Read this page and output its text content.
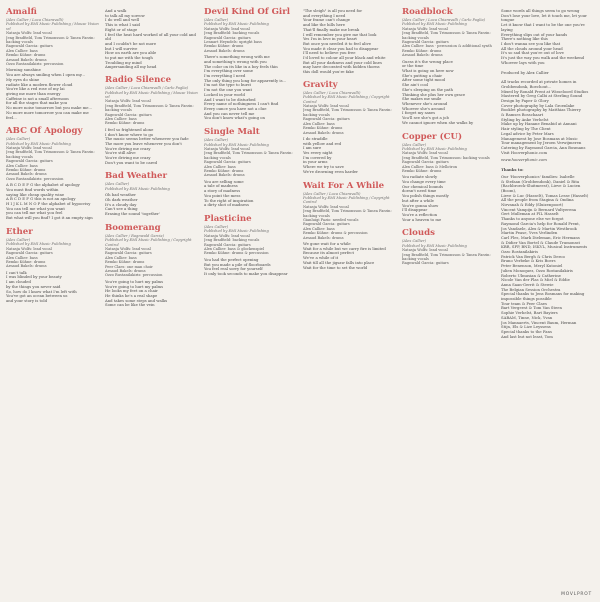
Amalfi
(Alex Callier / Luca Chiaravalli)
Published by EMI Music Publishing / Mouse Vision srl
Natasja Wolfs: lead vocal
Jeng Bradfield, Tom Trimonsson & Tanea Farzin: backing vocals
Ragnwald Garcia: guitars
Alex Callier: bass
Remko Kühne: drums
Arnaud Bakels: drums
Ozzo Rustanilakiris: percussion
Morning sunshine
You are always smiling when I open my...
My eyes do shine
radiate like a modern flower cloud
You're like a red rose of my lai
giving me more than energy
Caffeine is not a small afternoon
for all the stages that make you
No more noise tomorrow but you make me...
No more more tomorrow you can make me feel...
ABC Of Apology
(Alex Callier)
Published by EMI Music Publishing
Natasja Wolfs: lead vocal
Jeng Bradfield, Tom Trimonsson & Tanea Farzin: backing vocals
Ragnwald Garcia: guitars
Alex Callier: bass
Remko Kühne: drums
Arnaud Bakels: drums
Ozzo Rustanilakiris: percussion
A B C D E F G the alphabet of apology
You must find words within
saying like cheap quality wine
A B C D E F G this is not an apology
H I J K L M N O P the alphabet of hypocrisy
You can tell me what you want
you can tell me what you feel
But what will you find? I got it an empty sign
Ether
(Alex Callier)
Published by EMI Music Publishing
Natasja Wolfs: lead vocal
Ragnwald Garcia: guitars
Alex Callier: bass
Remko Kühne: drums
Arnaud Bakels: drums
I can't talk
I was blinded by your beauty
I am clouded
by the things you never said
So, how do I know what I'm left with
You've got an ocean between us
and your story is told
And a walk
to talk all my sorrow
I do well and well
This is what I said
Eight or of stage
I feel the heat hard worked of all your cold and old
and I couldn't be not more
but I will survive
How on earth are you able
to put me with the tough
Troubling my mind
Ampersanding all my head
Radio Silence
(Alex Callier / Luca Chiaravalli / Carlo Paglia)
Published by EMI Music Publishing / Mouse Vision srl
Natasja Wolfs: lead vocal
Jeng Bradfield, Tom Trimonsson & Tanea Farzin: backing vocals
Ragnwald Garcia: guitars
Alex Callier: bass
Remko Kühne: drums
I feel so frightened alone
I don't know where to go
The music seems better whenever you fade
The more you leave whenever you don't
You're driving me crazy
You're still alive
You're driving me crazy
Don't you want to be cared
Bad Weather
(Alex Callier)
Published by EMI Music Publishing
Oh bad weather
Oh dark weather
It's a cloudy day
Can't see a thing
Erasing the sound 'together'
Boomerang
(Alex Callier / Ragnwald Garcia)
Published by EMI Music Publishing / Copyright Control
Natasja Wolfs: lead vocal
Ragnwald Garcia: guitars
Alex Callier: bass
Remko Kühne: drums
Peer Claes: one man choir
Arnaud Bakels: drums
Ozzo Rustanilakiris: percussion
You're going to hurt my palms
You're going to hurt my palms
He looks my feet on a chair
He thinks he's a real shape
And takes some steps and walks
Some can be like the vein
Devil Kind Of Girl
(Alex Callier)
Published by EMI Music Publishing
Natasja Wolfs: lead vocal
Jeng Bradfield: backing vocals
Ragnwald Garcia: guitars
Lennart Heyndels: upright bass
Remko Kühne: drums
Arnaud Bakels: drums
There's something wrong with me
and something's wrong with you
The color on its like in a boy feels thin
I'm everything over some
I'm everything I need
The only thing you long for apparently is...
I'm not the type to burst
I'm not the one you want
Locked in your world
And I want to be disturbed
Every name of nothingness I can't find
Every ounce you have not a clue
And you can never tell me
You don't know what's going on
Single Malt
(Alex Callier)
Published by EMI Music Publishing
Natasja Wolfs: lead vocal
Jeng Bradfield, Tom Trimonsson & Tanea Farzin: backing vocals
Ragnwald Garcia: guitars
Alex Callier: bass
Remko Kühne: drums
Arnaud Bakels: drums
You are selling some
a tale of madness
a story of madness
You point the mess
To the right of inspiration
a dirty shot of madness
Plasticine
(Alex Callier)
Published by EMI Music Publishing
Natasja Wolfs: lead vocal
Jeng Bradfield: backing vocals
Ragnwald Garcia: guitars
Alex Callier: bass & glockenspiel
Remko Kühne: drums & percussion
You had the perfect opening
But you made a pile of floorboards
You feel real sorry for yourself
It only took seconds to make you disappear
"The sleigh" is all you need for
and everything I need
Your frame can't change
and like the hills here
That'll finally make me break
I will remember you give me that look
Yes I'm in love in your heart
But once you needed it to feel alive
You made it clear you had to disappear
I'll need to believe you free
I'd loved to colour all your black and white
But all your darkness and your cold lines
may have decorated with hidden thorns
this doll would you're fake
Gravity
(Alex Callier / Luca Chiaravalli)
Published by EMI Music Publishing / Copyright Control
Natasja Wolfs: lead vocal
Jeng Bradfield, Tom Trimonsson & Tanea Farzin: backing vocals
Ragnwald Garcia: guitars
Alex Callier: bass
Remko Kühne: drums
Arnaud Bakels: drums
I do straddle
with yellow and red
I am sure
Yes every night
I'm covered by
in your arms
Where we try to save
We're drowning even harder
Wait For A While
(Alex Callier / Luca Chiaravalli)
Published by EMI Music Publishing / Copyright Control
Natasja Wolfs: lead vocal
Jeng Bradfield, Tom Trimonsson & Tanea Farzin: backing vocals
Gianluigi Fazio: needed vocals
Ragnwald Garcia: guitars
Alex Callier: bass
Remko Kühne: drums & percussion
Arnaud Bakels: drums
We gone wait for a while
Wait for a while but we carry fire is limited
Because its almost perfect
We've a while of it
Wait till all the jigsaw falls into place
Wait for the time to set the world
Roadblock
(Alex Callier / Luca Chiaravalli / Carlo Paglia)
Published by EMI Music Publishing
Natasja Wolfs: lead vocal
Jeng Bradfield, Tom Trimonsson & Tanea Farzin: backing vocals
Ragnwald Garcia: guitars
Alex Callier: bass · percussion & additional synth
Remko Kühne: drums
Arnaud Bakels: drums
Guess it's the wrong place
or the time
What is going on here now
She's putting a chair
After some tight mood
She ain't cool
She's sleeping on the path
Thinking she plus her own grace
She makes me smile
Whenever she's around
Whoever she's around
I forget my saxes
You'll see she's got a job
We cannot ignore when she walks by
Copper (CU)
(Alex Callier)
Published by EMI Music Publishing
Natasja Wolfs: lead vocal
Jeng Bradfield, Tom Trimonsson: backing vocals
Ragnwald Garcia: guitars
Alex Callier: bass & Mellotron
Remko Kühne: drums
You radiate slowly
You change every time
Our chemical bounds
doesn't need time
You polish things mostly
but after a while
You're gonna show
I'll disappear
You're a reflection
Your a heaven to me
Clouds
(Alex Callier)
Published by EMI Music Publishing
Natasja Wolfs: lead vocal
Jeng Bradfield, Tom Trimonsson & Tanea Farzin: backing vocals
Ragnwald Garcia: guitars
Some words all things seem to go wrong
Don't lose your love, let it touch me, let your tongue
Let it know that I want to be the one you're laying
Everything slips out of your hands
There's nothing like this
I don't wanna see you like that
All the clouds around your head
It's so sad that you're out of love
It's just the way you walk and the weekend
Whoever lays with you
Produced by Alex Callier
All tracks recorded at private homes in Grobbendonk, Boechout...
Mixed by Ronald Prent at Wisseloord Studios
Mastered by Greg Calbi at Sterling Sound
Design by Paper & Glory
Cover photography by Lala Groenlake
Booklet photography by Matthias Thierry
& Ramses Bosschaart
Styling by Anke Verhelst
Make up by Hanane Benabid at Annani
Hair styling by The Client
Legal advice by Peter Mars
Management by Jose Bosmans at Music
Tour management by Jeroen Verwijmeren
Catering by Raymond Garcia, Ann Bosmans
Visit Hooverphonic.com
www.hooverphonic.com
Thanks to:
Our 'Hooverphonics' families: Isabelle
& Stefaan (Grobbendonk), Daniel & Rita
(Rachbroeck-Sluitmeest), Lieve & Lucien (Boom),
Lieve & Luc (Hasselt), Tomas Lesse (Hasselt)
All the people from Stagina & Ondina
Nirvanah & Eddy (Sluizenpoort)
Vincent Vampijn & Bernard Vultyerena
Gert Mulleman at FIL Hasselt
Thanks to anyone else we forgot
Raymond Garcia's help for Ronald Prent,
Jos Vandaele, Alex & Martin Westbrook
Martin Pease, Yves Verlinden
Carl Fles, Mark Dieleman, Eric Hermans
& Didier Van Bortel & Claude Trumonsst
KBR, SFP, BND, ISKVL, Musical Instruments
Ozzo Rostanilakiris
Patrick Van Bergh & Chris Deroo
Bruno Verbeke & Kris Boers
Peter Benenson, Meryl Kutoniel
Julien Monoquez, Ozzo Rostanilakiris
Roberto Ulmusian & Catherine
Nicole Van der Plas & Miel & Eddie
Anna Saan-Gerrit & Stewie
The Belgian Session Orchestra
Special thanks to Jens Bosmans for making
impossible things possible
Tour team & Peer Claes
Bart Vergeest & Tom Van Steen
Sophie Verhelst, Bart Bayiers
SABAM, Tinne, Nick, Yvan
Jos Mannaerts, Vincent Baum, Herman
Stijn, Els & Lize Leyssens
Special thanks to the Fans
And last but not least, Tom
MOVLPROT
